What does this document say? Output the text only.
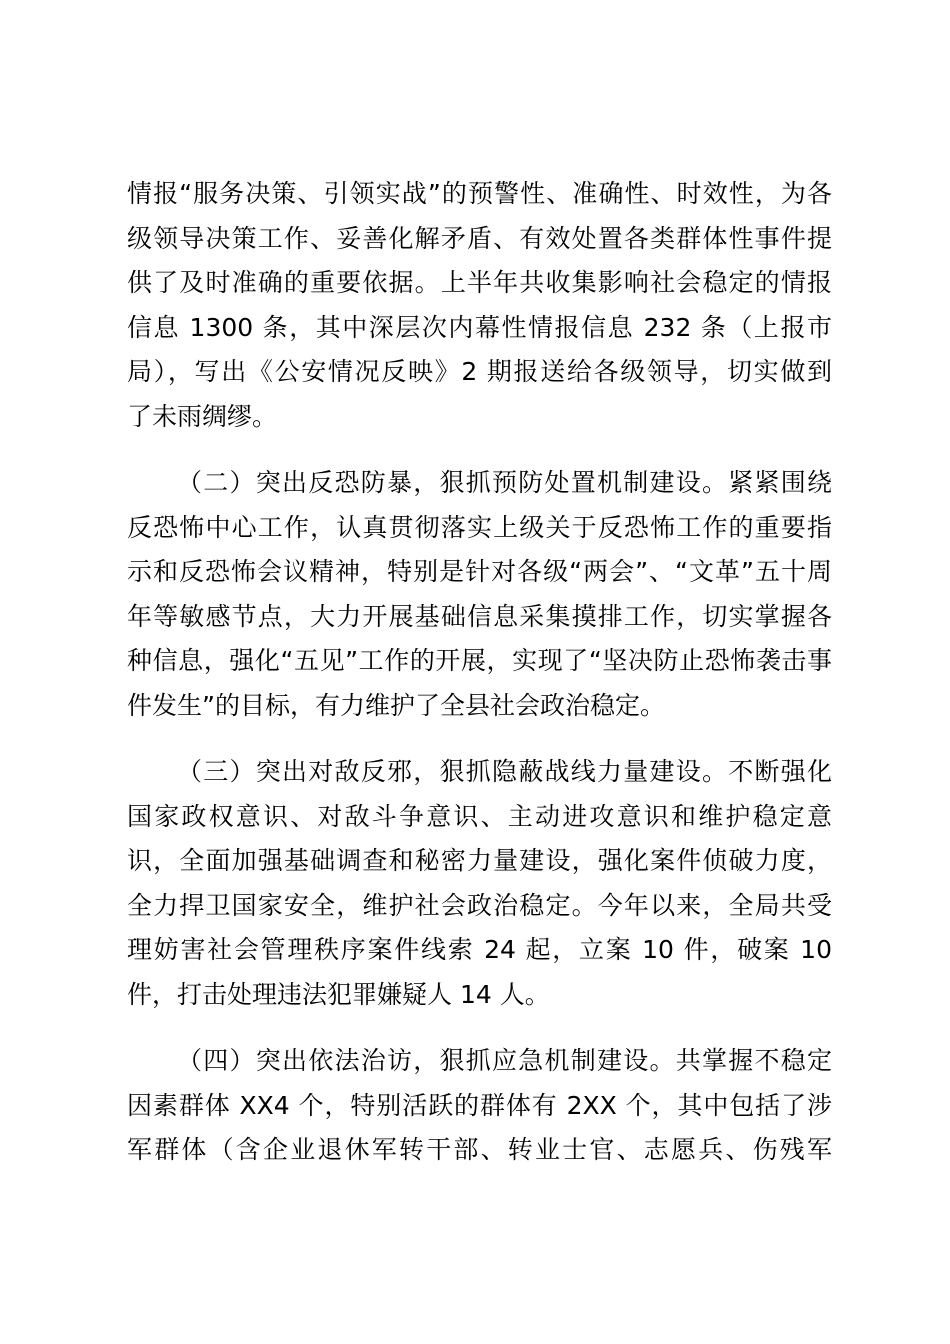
情报“服务决策、引领实战”的预警性、准确性、时效性，为各
级领导决策工作、妥善化解矛盾、有效处置各类群体性事件提
供了及时准确的重要依据。上半年共收集影响社会稳定的情报
信息 1300 条，其中深层次内幕性情报信息 232 条（上报市
局），写出《公安情况反映》2 期报送给各级领导，切实做到
了未雨绸缪。
（二）突出反恐防暴，狠抓预防处置机制建设。紧紧围绕
反恐怖中心工作，认真贯彻落实上级关于反恐怖工作的重要指
示和反恐怖会议精神，特别是针对各级“两会”、“文革”五十周
年等敏感节点，大力开展基础信息采集摸排工作，切实掌握各
种信息，强化“五见”工作的开展，实现了“坚决防止恐怖袭击事
件发生”的目标，有力维护了全县社会政治稳定。
（三）突出对敌反邪，狠抓隐蔽战线力量建设。不断强化
国家政权意识、对敌斗争意识、主动进攻意识和维护稳定意
识，全面加强基础调查和秘密力量建设，强化案件侦破力度，
全力捍卫国家安全，维护社会政治稳定。今年以来，全局共受
理妨害社会管理秩序案件线索 24 起，立案 10 件，破案 10
件，打击处理违法犯罪嫌疑人 14 人。
（四）突出依法治访，狠抓应急机制建设。共掌握不稳定
因素群体 XX4 个，特别活跃的群体有 2XX 个，其中包括了涉
军群体（含企业退休军转干部、转业士官、志愿兵、伤残军
